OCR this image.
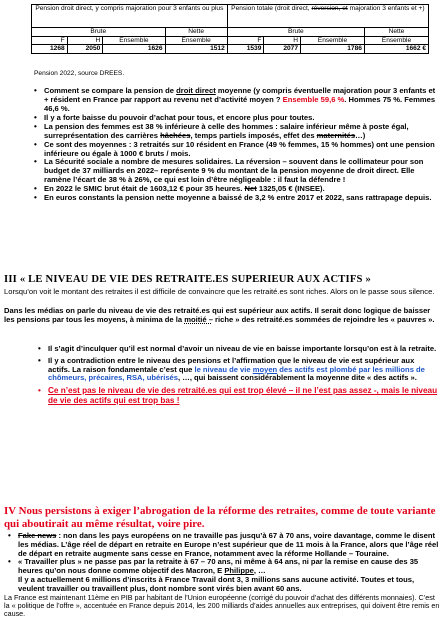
Pension droit direct, y compris majoration pour 3 enfants ou plus				Pension totale (droit direct, réversion, et majoration 3 enfants et +)			
Brute			Nette	Brute			Nette
F	H	Ensemble	Ensemble	F	H	Ensemble	Ensemble
1268	2050	1626	1512	1539	2077	1786	1662 €
Pension 2022, source DREES.
• Comment se compare la pension de droit direct moyenne (y compris éventuelle majoration pour 3 enfants et + résident en France par rapport au revenu net d’activité moyen ? Ensemble 59,6 %. Hommes 75 %. Femmes 46,6 %.
• Il y a forte baisse du pouvoir d’achat pour tous, et encore plus pour toutes.
• La pension des femmes est 38 % inférieure à celle des hommes : salaire inférieur même à poste égal, surreprésentation des carrières hâchées, temps partiels imposés, effet des maternités…)
• Ce sont des moyennes : 3 retraités sur 10 résident en France (49 % femmes, 15 % hommes) ont une pension inférieure ou égale à 1000 € bruts / mois.
• La Sécurité sociale a nombre de mesures solidaires. La réversion – souvent dans le collimateur pour son budget de 37 milliards en 2022– représente 9 % du montant de la pension moyenne de droit direct. Elle ramène l’écart de 38 % à 26%, ce qui est loin d’être négligeable : il faut la défendre !
• En 2022 le SMIC brut était de 1603,12 € pour 35 heures. Net 1325,05 € (INSEE).
• En euros constants la pension nette moyenne a baissé de 3,2 % entre 2017 et 2022, sans rattrapage depuis.
III « LE NIVEAU DE VIE DES RETRAITE.ES SUPERIEUR AUX ACTIFS »
Lorsqu’on voit le montant des retraites il est difficile de convaincre que les retraité.es sont riches. Alors on le passe sous silence.
Dans les médias on parle du niveau de vie des retraité.es qui est supérieur aux actifs. Il serait donc logique de baisser les pensions par tous les moyens, à minima de la moitié – riche » des retraité.es sommées de rejoindre les « pauvres ».
• Il s’agit d’inculquer qu’il est normal d’avoir un niveau de vie en baisse importante lorsqu’on est à la retraite.
• Il y a contradiction entre le niveau des pensions et l’affirmation que le niveau de vie est supérieur aux actifs. La raison fondamentale c’est que le niveau de vie moyen des actifs est plombé par les millions de chômeurs, précaires, RSA, ubérisés, …, qui baissent considérablement la moyenne dite « des actifs ».
• Ce n’est pas le niveau de vie des retraité.es qui est trop élevé – il ne l’est pas assez -, mais le niveau de vie des actifs qui est trop bas !
IV Nous persistons à exiger l’abrogation de la réforme des retraites, comme de toute variante qui aboutirait au même résultat, voire pire.
• Fake news : non dans les pays européens on ne travaille pas jusqu’à 67 à 70 ans, voire davantage, comme le disent les médias. L’âge réel de départ en retraite en Europe n’est supérieur que de 11 mois à la France, alors que l’âge réel de départ en retraite augmente sans cesse en France, notamment avec la réforme Hollande – Touraine.
• « Travailler plus » ne passe pas par la retraite à 67 – 70 ans, ni même à 64 ans, ni par la remise en cause des 35 heures qu’on nous donne comme objectif des Macron, E Philippe, …
Il y a actuellement 6 millions d’inscrits à France Travail dont 3, 3 millions sans aucune activité. Toutes et tous, veulent travailler ou travaillent plus, dont nombre sont virés bien avant 60 ans.
La France est maintenant 11ème en PIB par habitant de l’Union européenne (corrigé du pouvoir d’achat des différents monnaies). C’est la « politique de l’offre », accentuée en France depuis 2014, les 200 milliards d’aides annuelles aux entreprises, qui doivent être remis en cause.
